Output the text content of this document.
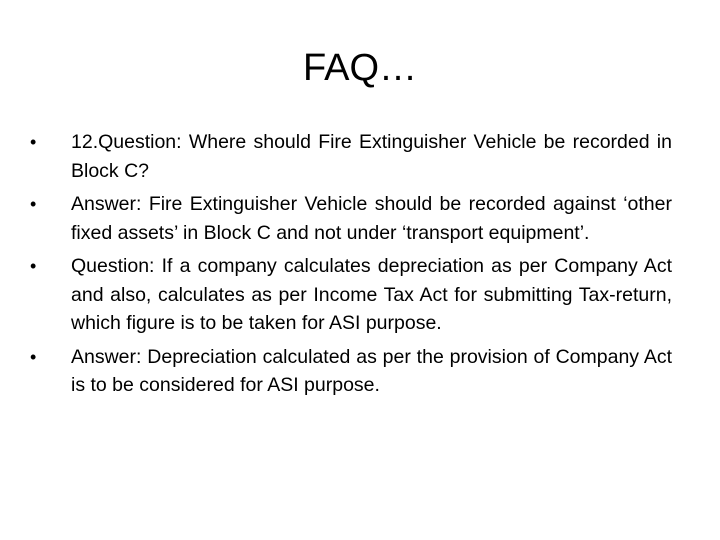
FAQ…
• 12.Question: Where should Fire Extinguisher Vehicle be recorded in Block C?
• Answer: Fire Extinguisher Vehicle should be recorded against ‘other fixed assets’ in Block C and not under ‘transport equipment’.
• Question: If a company calculates depreciation as per Company Act and also, calculates as per Income Tax Act for submitting Tax-return, which figure is to be taken for ASI purpose.
• Answer: Depreciation calculated as per the provision of Company Act is to be considered for ASI purpose.
